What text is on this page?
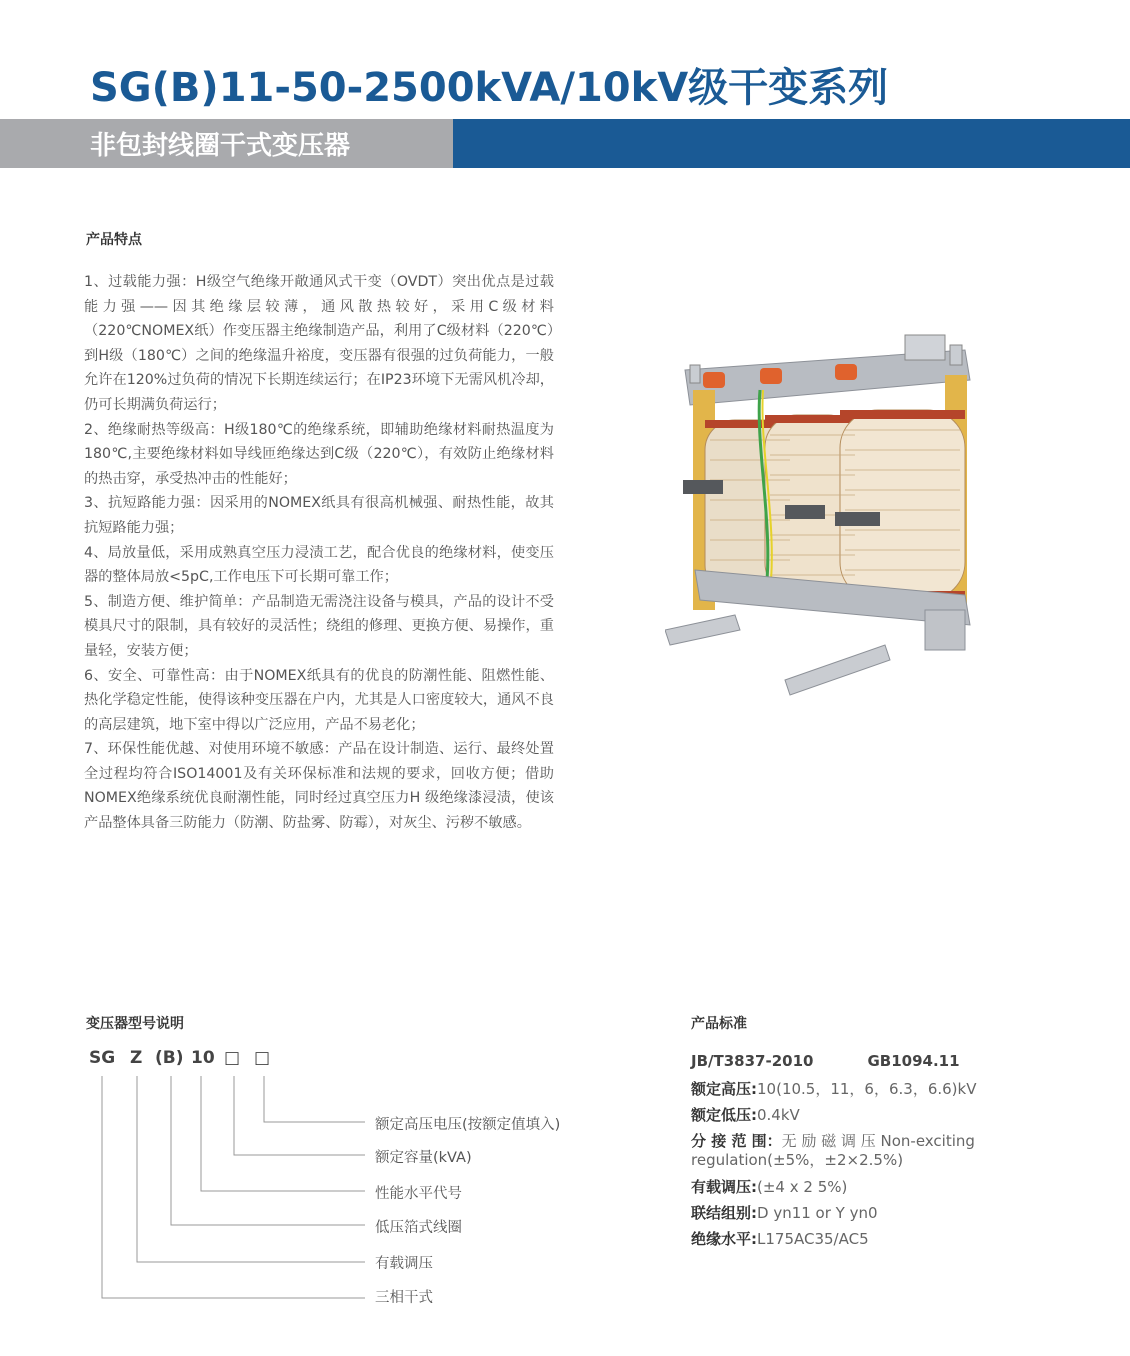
SG(B)11-50-2500kVA/10kV级干变系列
非包封线圈干式变压器
产品特点

1、过载能力强：H级空气绝缘开敞通风式干变（OVDT）突出优点是过载能力强——因其绝缘层较薄，通风散热较好，采用C级材料（220℃NOMEX纸）作变压器主绝缘制造产品，利用了C级材料（220℃）到H级（180℃）之间的绝缘温升裕度，变压器有很强的过负荷能力，一般允许在120%过负荷的情况下长期连续运行；在IP23环境下无需风机冷却，仍可长期满负荷运行；

2、绝缘耐热等级高：H级180℃的绝缘系统，即辅助绝缘材料耐热温度为180℃,主要绝缘材料如导线匝绝缘达到C级（220℃），有效防止绝缘材料的热击穿，承受热冲击的性能好；

3、抗短路能力强：因采用的NOMEX纸具有很高机械强、耐热性能，故其抗短路能力强；

4、局放量低，采用成熟真空压力浸渍工艺，配合优良的绝缘材料，使变压器的整体局放<5pC,工作电压下可长期可靠工作；

5、制造方便、维护简单：产品制造无需浇注设备与模具，产品的设计不受模具尺寸的限制，具有较好的灵活性；绕组的修理、更换方便、易操作，重量轻，安装方便；

6、安全、可靠性高：由于NOMEX纸具有的优良的防潮性能、阻燃性能、热化学稳定性能，使得该种变压器在户内，尤其是人口密度较大，通风不良的高层建筑，地下室中得以广泛应用，产品不易老化；

7、环保性能优越、对使用环境不敏感：产品在设计制造、运行、最终处置全过程均符合ISO14001及有关环保标准和法规的要求，回收方便；借助NOMEX绝缘系统优良耐潮性能，同时经过真空压力H 级绝缘漆浸渍，使该产品整体具备三防能力（防潮、防盐雾、防霉），对灰尘、污秽不敏感。

变压器型号说明
SG Z (B) 10 □ □
额定高压电压(按额定值填入)
额定容量(kVA)
性能水平代号
低压箔式线圈
有载调压
三相干式
产品标准
JB/T3837-2010	GB1094.11
额定高压:10(10.5，11，6，6.3，6.6)kV
额定低压:0.4kV
分 接 范 围：无 励 磁 调 压 Non-exciting regulation(±5%，±2×2.5%)
有载调压:(±4 x 2 5%)
联结组别:D yn11 or Y yn0
绝缘水平:L175AC35/AC5
